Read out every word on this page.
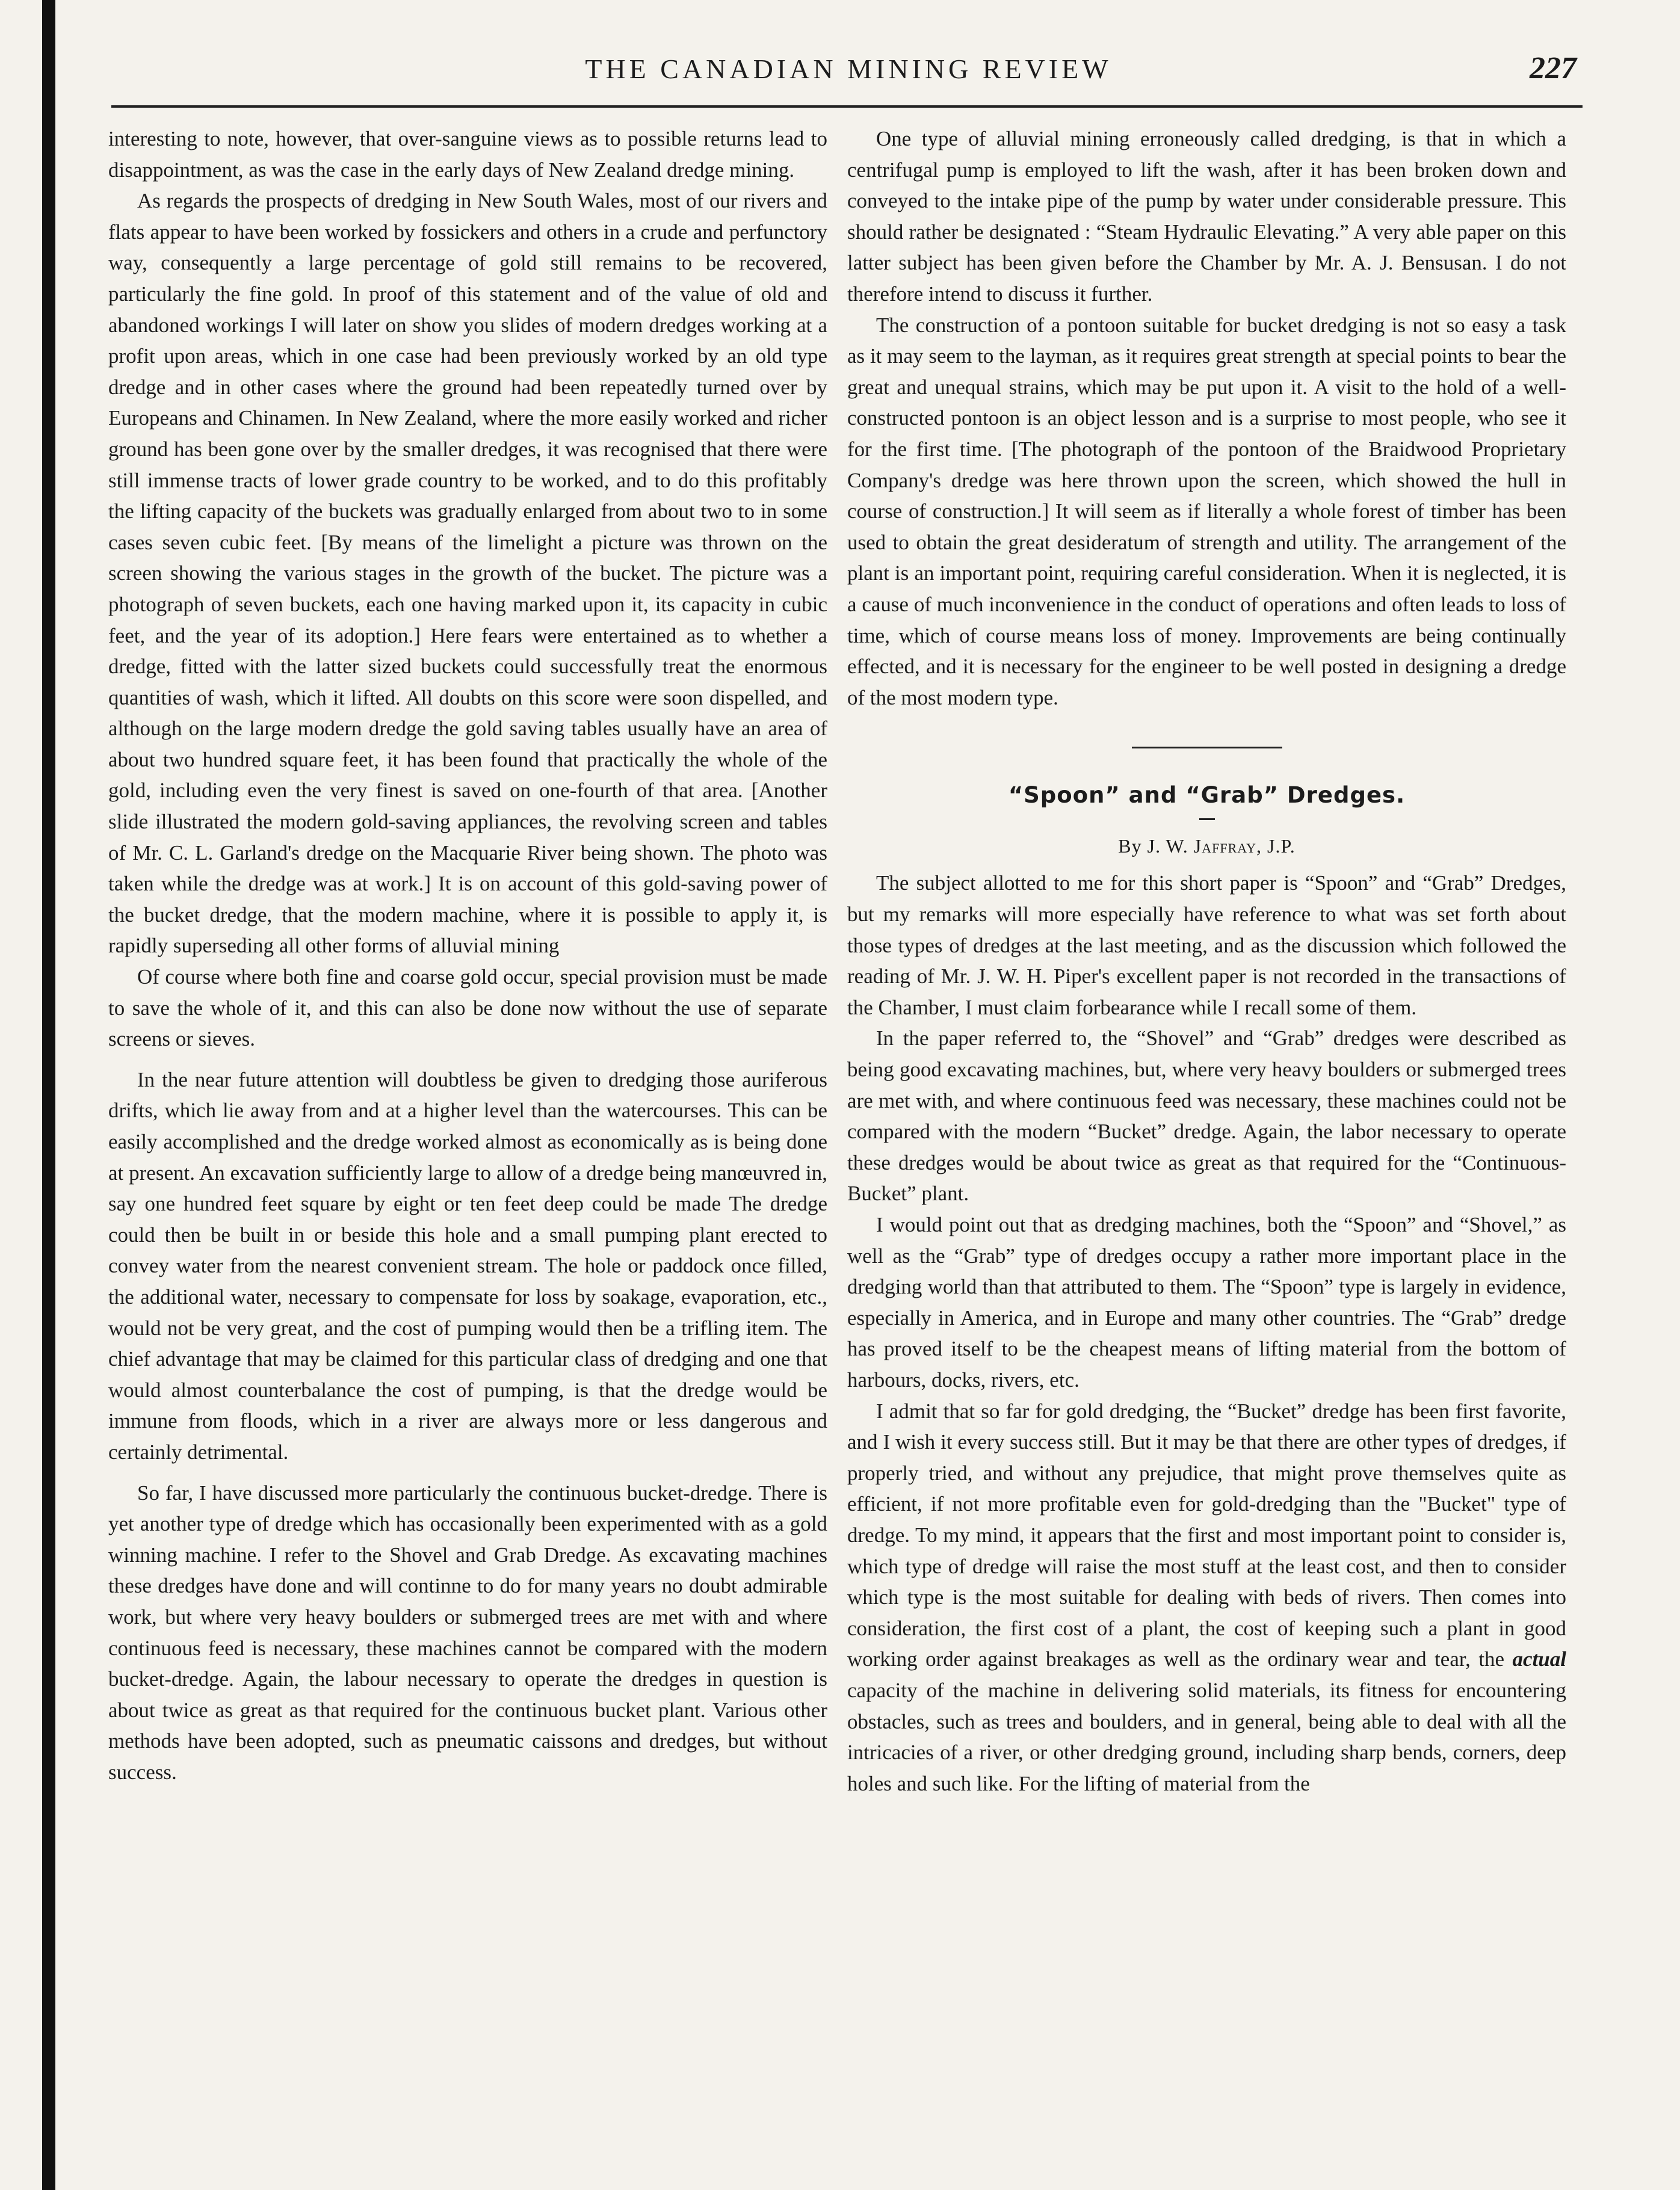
THE CANADIAN MINING REVIEW	227

interesting to note, however, that over-sanguine views as to possible returns lead to disappointment, as was the case in the early days of New Zealand dredge mining.

As regards the prospects of dredging in New South Wales, most of our rivers and flats appear to have been worked by fossickers and others in a crude and perfunctory way, consequently a large percentage of gold still remains to be recovered, particularly the fine gold. In proof of this statement and of the value of old and abandoned workings I will later on show you slides of modern dredges working at a profit upon areas, which in one case had been previously worked by an old type dredge and in other cases where the ground had been repeatedly turned over by Europeans and Chinamen. In New Zealand, where the more easily worked and richer ground has been gone over by the smaller dredges, it was recognised that there were still immense tracts of lower grade country to be worked, and to do this profitably the lifting capacity of the buckets was gradually enlarged from about two to in some cases seven cubic feet. [By means of the limelight a picture was thrown on the screen showing the various stages in the growth of the bucket. The picture was a photograph of seven buckets, each one having marked upon it, its capacity in cubic feet, and the year of its adoption.] Here fears were entertained as to whether a dredge, fitted with the latter sized buckets could successfully treat the enormous quantities of wash, which it lifted. All doubts on this score were soon dispelled, and although on the large modern dredge the gold saving tables usually have an area of about two hundred square feet, it has been found that practically the whole of the gold, including even the very finest is saved on one-fourth of that area. [Another slide illustrated the modern gold-saving appliances, the revolving screen and tables of Mr. C. L. Garland's dredge on the Macquarie River being shown. The photo was taken while the dredge was at work.] It is on account of this gold-saving power of the bucket dredge, that the modern machine, where it is possible to apply it, is rapidly superseding all other forms of alluvial mining

Of course where both fine and coarse gold occur, special provision must be made to save the whole of it, and this can also be done now without the use of separate screens or sieves.

In the near future attention will doubtless be given to dredging those auriferous drifts, which lie away from and at a higher level than the watercourses. This can be easily accomplished and the dredge worked almost as economically as is being done at present. An excavation sufficiently large to allow of a dredge being manœuvred in, say one hundred feet square by eight or ten feet deep could be made The dredge could then be built in or beside this hole and a small pumping plant erected to convey water from the nearest convenient stream. The hole or paddock once filled, the additional water, necessary to compensate for loss by soakage, evaporation, etc., would not be very great, and the cost of pumping would then be a trifling item. The chief advantage that may be claimed for this particular class of dredging and one that would almost counterbalance the cost of pumping, is that the dredge would be immune from floods, which in a river are always more or less dangerous and certainly detrimental.

So far, I have discussed more particularly the continuous bucket-dredge. There is yet another type of dredge which has occasionally been experimented with as a gold winning machine. I refer to the Shovel and Grab Dredge. As excavating machines these dredges have done and will continne to do for many years no doubt admirable work, but where very heavy boulders or submerged trees are met with and where continuous feed is necessary, these machines cannot be compared with the modern bucket-dredge. Again, the labour necessary to operate the dredges in question is about twice as great as that required for the continuous bucket plant. Various other methods have been adopted, such as pneumatic caissons and dredges, but without success.

One type of alluvial mining erroneously called dredging, is that in which a centrifugal pump is employed to lift the wash, after it has been broken down and conveyed to the intake pipe of the pump by water under considerable pressure. This should rather be designated : “Steam Hydraulic Elevating.” A very able paper on this latter subject has been given before the Chamber by Mr. A. J. Bensusan. I do not therefore intend to discuss it further.

The construction of a pontoon suitable for bucket dredging is not so easy a task as it may seem to the layman, as it requires great strength at special points to bear the great and unequal strains, which may be put upon it. A visit to the hold of a well-constructed pontoon is an object lesson and is a surprise to most people, who see it for the first time. [The photograph of the pontoon of the Braidwood Proprietary Company's dredge was here thrown upon the screen, which showed the hull in course of construction.] It will seem as if literally a whole forest of timber has been used to obtain the great desideratum of strength and utility. The arrangement of the plant is an important point, requiring careful consideration. When it is neglected, it is a cause of much inconvenience in the conduct of operations and often leads to loss of time, which of course means loss of money. Improvements are being continually effected, and it is necessary for the engineer to be well posted in designing a dredge of the most modern type.

“Spoon” and “Grab” Dredges.
By J. W. Jaffray, J.P.

The subject allotted to me for this short paper is “Spoon” and “Grab” Dredges, but my remarks will more especially have reference to what was set forth about those types of dredges at the last meeting, and as the discussion which followed the reading of Mr. J. W. H. Piper's excellent paper is not recorded in the transactions of the Chamber, I must claim forbearance while I recall some of them.

In the paper referred to, the “Shovel” and “Grab” dredges were described as being good excavating machines, but, where very heavy boulders or submerged trees are met with, and where continuous feed was necessary, these machines could not be compared with the modern “Bucket” dredge. Again, the labor necessary to operate these dredges would be about twice as great as that required for the “Continuous-Bucket” plant.

I would point out that as dredging machines, both the “Spoon” and “Shovel,” as well as the “Grab” type of dredges occupy a rather more important place in the dredging world than that attributed to them. The “Spoon” type is largely in evidence, especially in America, and in Europe and many other countries. The “Grab” dredge has proved itself to be the cheapest means of lifting material from the bottom of harbours, docks, rivers, etc.

I admit that so far for gold dredging, the “Bucket” dredge has been first favorite, and I wish it every success still. But it may be that there are other types of dredges, if properly tried, and without any prejudice, that might prove themselves quite as efficient, if not more profitable even for gold-dredging than the "Bucket" type of dredge. To my mind, it appears that the first and most important point to consider is, which type of dredge will raise the most stuff at the least cost, and then to consider which type is the most suitable for dealing with beds of rivers. Then comes into consideration, the first cost of a plant, the cost of keeping such a plant in good working order against breakages as well as the ordinary wear and tear, the actual capacity of the machine in delivering solid materials, its fitness for encountering obstacles, such as trees and boulders, and in general, being able to deal with all the intricacies of a river, or other dredging ground, including sharp bends, corners, deep holes and such like. For the lifting of material from the
